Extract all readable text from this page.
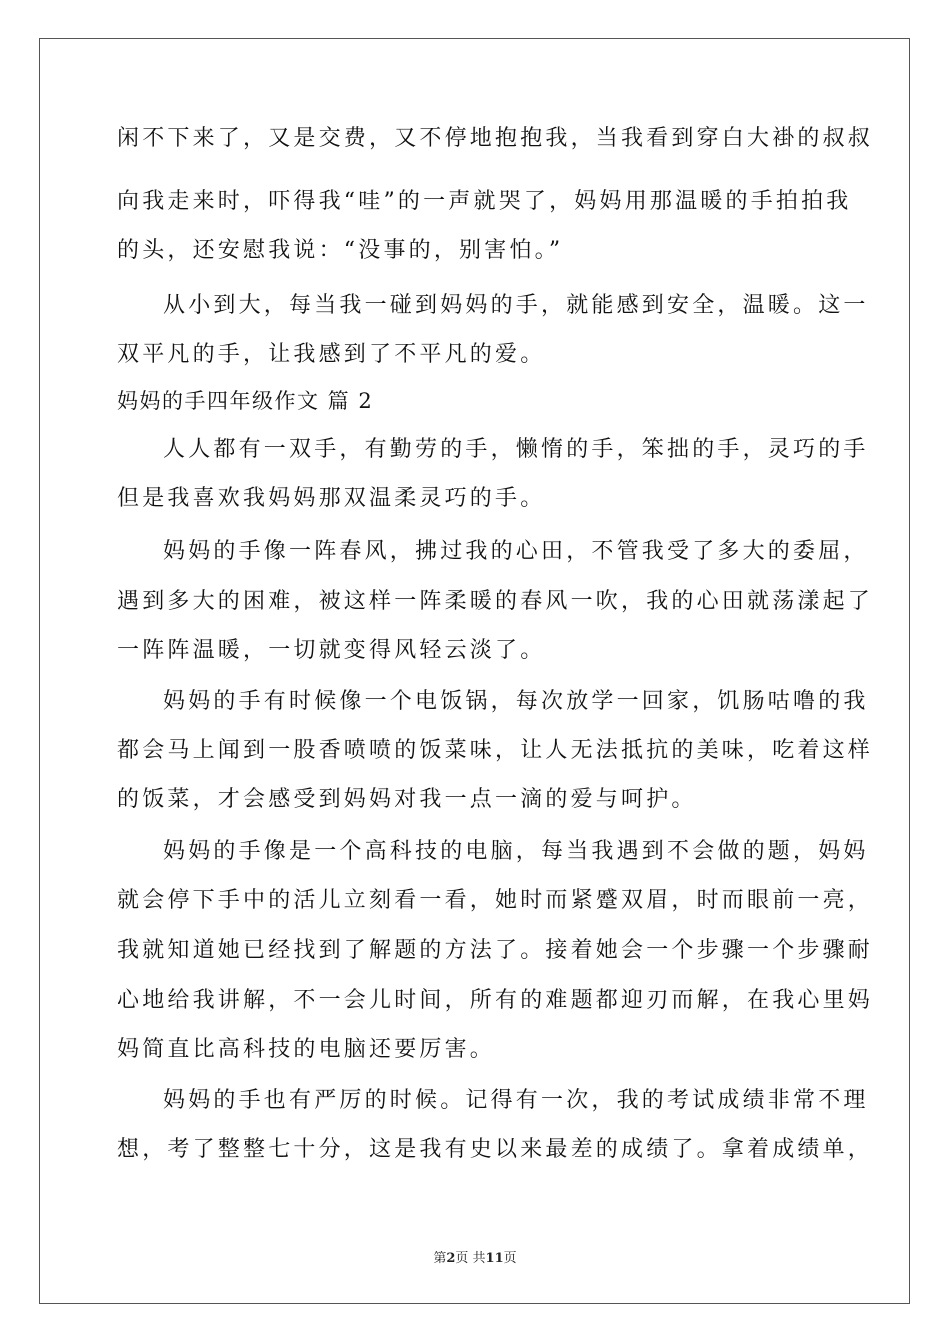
闲不下来了，又是交费，又不停地抱抱我，当我看到穿白大褂的叔叔
向我走来时，吓得我“哇”的一声就哭了，妈妈用那温暖的手拍拍我
的头，还安慰我说：“没事的，别害怕。”
从小到大，每当我一碰到妈妈的手，就能感到安全，温暖。这一
双平凡的手，让我感到了不平凡的爱。
妈妈的手四年级作文 篇 2
人人都有一双手，有勤劳的手，懒惰的手，笨拙的手，灵巧的手
但是我喜欢我妈妈那双温柔灵巧的手。
妈妈的手像一阵春风，拂过我的心田，不管我受了多大的委屈，
遇到多大的困难，被这样一阵柔暖的春风一吹，我的心田就荡漾起了
一阵阵温暖，一切就变得风轻云淡了。
妈妈的手有时候像一个电饭锅，每次放学一回家，饥肠咕噜的我
都会马上闻到一股香喷喷的饭菜味，让人无法抵抗的美味，吃着这样
的饭菜，才会感受到妈妈对我一点一滴的爱与呵护。
妈妈的手像是一个高科技的电脑，每当我遇到不会做的题，妈妈
就会停下手中的活儿立刻看一看，她时而紧蹙双眉，时而眼前一亮，
我就知道她已经找到了解题的方法了。接着她会一个步骤一个步骤耐
心地给我讲解，不一会儿时间，所有的难题都迎刃而解，在我心里妈
妈简直比高科技的电脑还要厉害。
妈妈的手也有严厉的时候。记得有一次，我的考试成绩非常不理
想，考了整整七十分，这是我有史以来最差的成绩了。拿着成绩单，
第2页 共11页
